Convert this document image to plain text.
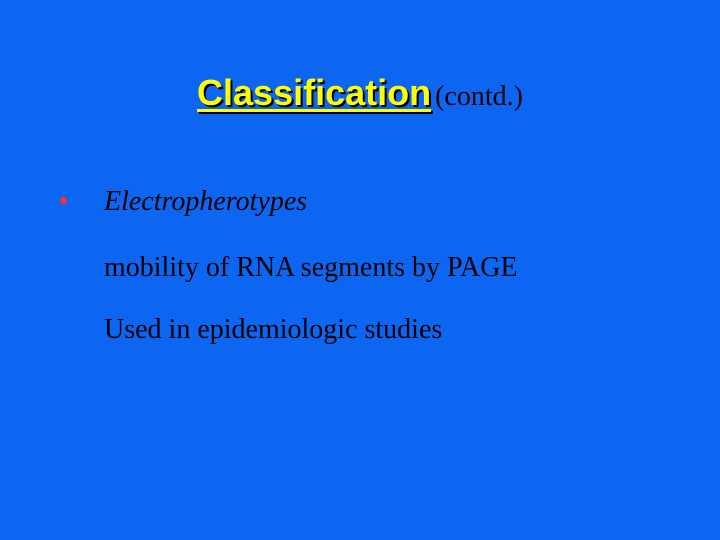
Classification (contd.)
Electropherotypes
mobility of RNA segments by PAGE
Used in epidemiologic studies
